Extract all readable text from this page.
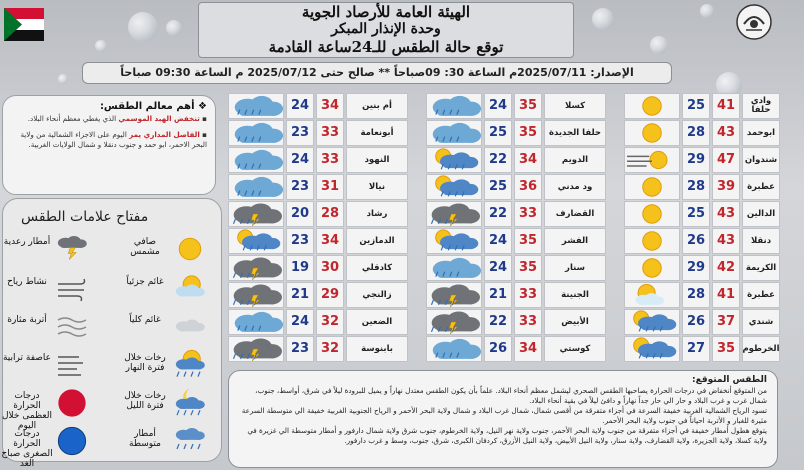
الهيئة العامة للأرصاد الجوية
وحدة الإنذار المبكر
توقع حالة الطقس للـ24ساعة القادمة
الإصدار: 2025/07/11م الساعة 30: 09صباحاً ** صالح حتى 2025/07/12 م الساعة 09:30 صباحاً
❖ أهم معالم الطقس:

▪ تنخفض الهبد الموسمي الذي يغطي معظم أنحاء البلاد.

▪ الفاصل المداري يمر اليوم على الاجزاء الشمالية من ولاية البحر الاحمر، ابو حمد و جنوب دنقلا و شمال الولايات الغربية.

مفتاح علامات الطقس
صافي مشمس
أمطار رعدية
غائم جزئياً
نشاط رياح
غائم كلياً
أتربة مثارة
رخات خلال فترة النهار
عاصفة ترابية
رخات خلال فترة الليل
درجات الحرارة العظمى خلال اليوم
أمطار متوسطة
درجات الحرارة الصغرى صباح الغد
24 34	أم بنين
23 33	أبونعامة
24 33	النهود
23 31	نيالا
20 28	رشاد
23 34	الدمازين
19 30	كادقلي
21 29	زالنجي
24 32	الضعين
23 32	بابنوسة
24 35	كسلا
25 35	حلفا الجديدة
22 34	الدويم
25 36	ود مدني
22 33	القضارف
24 35	الفشر
24 35	سنار
21 33	الجنينة
22 33	الأبيض
26 34	كوستي
25 41	وادي حلفا
28 43	ابوحمد
29 47	شندوان
28 39	عطبرة
25 43	الدالين
26 43	دنقلا
29 42	الكريمة
28 41	عطبرة
26 37	شندي
27 35 الخرطوم
الطقس المتوقع:

من المتوقع أنخفاض في درجات الحرارة يصاحبها الطقس الصحري ليشمل معظم أنحاء البلاد. علماً بأن يكون الطقس معتدل نهاراً و يميل للبرودة ليلاً في شرق، أواسط، جنوب، شمال غرب و غرب البلاد و حار الي حار جداً نهاراً و دافئ ليلاً في بقية أنحاء البلاد.

تسود الرياح الشمالية الغربية خفيفة السرعة في أجزاء متفرقة من أقصى شمال، شمال غرب البلاد و شمال ولاية البحر الأحمر و الرياح الجنوبية الغربية خفيفة الي متوسطة السرعة مثيرة للغبار و الأتربة احياناً في جنوب ولاية البحر الأحمر.

يتوقع هطول أمطار خفيفة في أجزاء متفرقة من جنوب ولاية البحر الأحمر، جنوب ولاية نهر النيل، ولاية الخرطوم، جنوب شرق ولاية شمال دارفور و أمطار متوسطة الي غزيرة في ولاية كسلا، ولاية الجزيرة، ولاية القضارف، ولاية سنار، ولاية النيل الأبيض، ولاية النيل الأزرق، كردفان الكبرى، شرق، جنوب، وسط و غرب دارفور.
